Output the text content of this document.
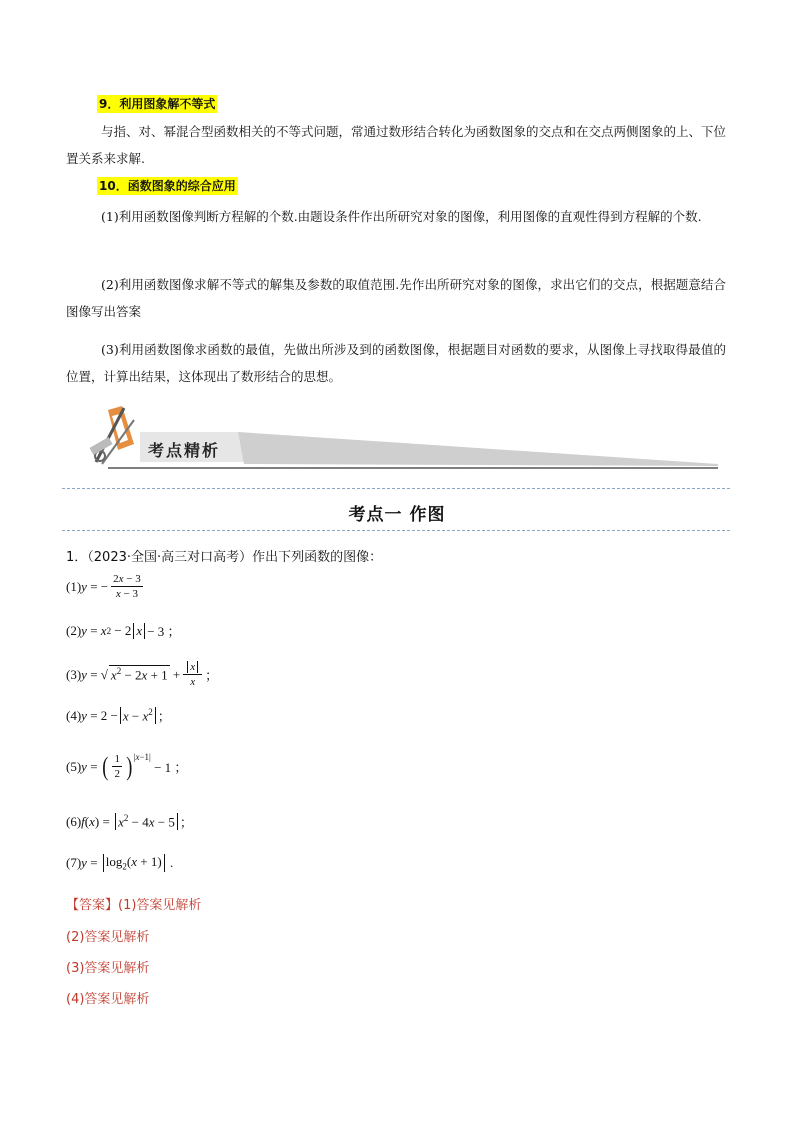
9．利用图象解不等式
与指、对、幂混合型函数相关的不等式问题，常通过数形结合转化为函数图象的交点和在交点两侧图象的上、下位置关系来求解.
10．函数图象的综合应用
(1)利用函数图像判断方程解的个数.由题设条件作出所研究对象的图像，利用图像的直观性得到方程解的个数.
(2)利用函数图像求解不等式的解集及参数的取值范围.先作出所研究对象的图像，求出它们的交点，根据题意结合图像写出答案
(3)利用函数图像求函数的最值，先做出所涉及到的函数图像，根据题目对函数的要求，从图像上寻找取得最值的位置，计算出结果，这体现出了数形结合的思想。
考点精析
考点一 作图
1．（2023·全国·高三对口高考）作出下列函数的图像：
(1) y = − $\frac{2x - 3}{x - 3}$
(2) y = x 2 − 2 x − 3 ；
(3) y = √ $x^2 - 2x + 1 + \frac{x}{x}$ ；
(4) $y = 2 - x - x^2$ ；
(5) y = ( $\frac{1}{2} )^{|x-1|}$
− 1 ；
(6) f ( x ) = $x^2 - 4x - 5$ ；
(7) $y = \log_2(x + 1)$ .
【答案】(1)答案见解析
(2)答案见解析
(3)答案见解析
(4)答案见解析
